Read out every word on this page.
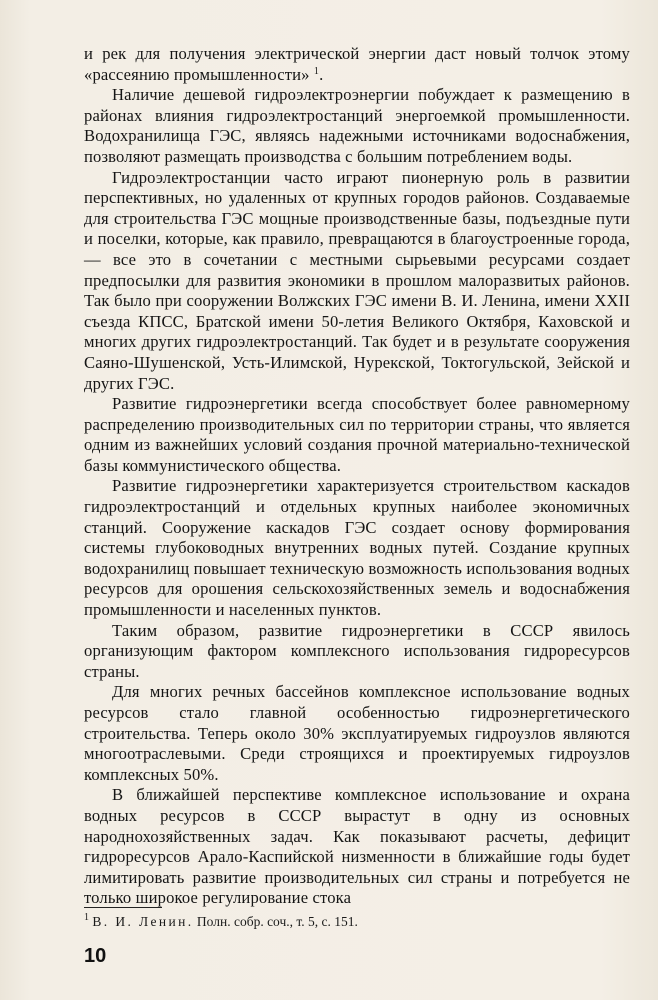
и рек для получения электрической энергии даст новый толчок этому «рассеянию промышленности» $^1$.

Наличие дешевой гидроэлектроэнергии побуждает к размещению в районах влияния гидроэлектростанций энергоемкой промышленности. Водохранилища ГЭС, являясь надежными источниками водоснабжения, позволяют размещать производства с большим потреблением воды.

Гидроэлектростанции часто играют пионерную роль в развитии перспективных, но удаленных от крупных городов районов. Создаваемые для строительства ГЭС мощные производственные базы, подъездные пути и поселки, которые, как правило, превращаются в благоустроенные города, — все это в сочетании с местными сырьевыми ресурсами создает предпосылки для развития экономики в прошлом малоразвитых районов. Так было при сооружении Волжских ГЭС имени В. И. Ленина, имени XXII съезда КПСС, Братской имени 50-летия Великого Октября, Каховской и многих других гидроэлектростанций. Так будет и в результате сооружения Саяно-Шушенской, Усть-Илимской, Нурекской, Токтогульской, Зейской и других ГЭС.

Развитие гидроэнергетики всегда способствует более равномерному распределению производительных сил по территории страны, что является одним из важнейших условий создания прочной материально-технической базы коммунистического общества.

Развитие гидроэнергетики характеризуется строительством каскадов гидроэлектростанций и отдельных крупных наиболее экономичных станций. Сооружение каскадов ГЭС создает основу формирования системы глубоководных внутренних водных путей. Создание крупных водохранилищ повышает техническую возможность использования водных ресурсов для орошения сельскохозяйственных земель и водоснабжения промышленности и населенных пунктов.

Таким образом, развитие гидроэнергетики в СССР явилось организующим фактором комплексного использования гидроресурсов страны.

Для многих речных бассейнов комплексное использование водных ресурсов стало главной особенностью гидроэнергетического строительства. Теперь около 30% эксплуатируемых гидроузлов являются многоотраслевыми. Среди строящихся и проектируемых гидроузлов комплексных 50%.

В ближайшей перспективе комплексное использование и охрана водных ресурсов в СССР вырастут в одну из основных народнохозяйственных задач. Как показывают расчеты, дефицит гидроресурсов Арало-Каспийской низменности в ближайшие годы будет лимитировать развитие производительных сил страны и потребуется не только широкое регулирование стока

$^1$ В. И. Ленин. Полн. собр. соч., т. 5, с. 151.
10
